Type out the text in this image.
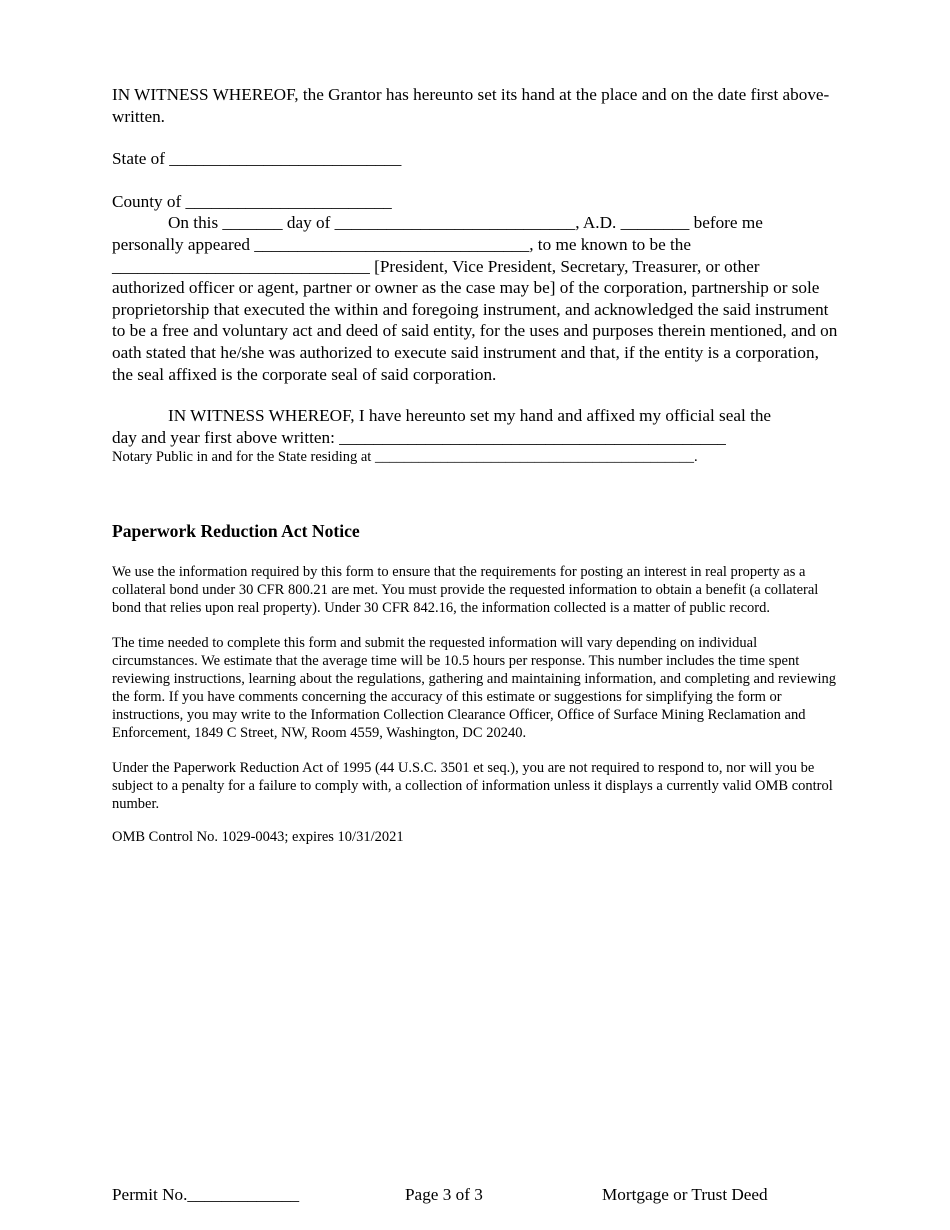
IN WITNESS WHEREOF, the Grantor has hereunto set its hand at the place and on the date first above-written.

State of ___________________________

County of ________________________

On this _______ day of ____________________________, A.D. ________ before me

personally appeared ________________________________, to me known to be the

______________________________ [President, Vice President, Secretary, Treasurer, or other

authorized officer or agent, partner or owner as the case may be] of the corporation, partnership or sole proprietorship that executed the within and foregoing instrument, and acknowledged the said instrument to be a free and voluntary act and deed of said entity, for the uses and purposes therein mentioned, and on oath stated that he/she was authorized to execute said instrument and that, if the entity is a corporation, the seal affixed is the corporate seal of said corporation.

IN WITNESS WHEREOF, I have hereunto set my hand and affixed my official seal the

day and year first above written: _____________________________________________

Notary Public in and for the State residing at ____________________________________________.

Paperwork Reduction Act Notice

We use the information required by this form to ensure that the requirements for posting an interest in real property as a collateral bond under 30 CFR 800.21 are met. You must provide the requested information to obtain a benefit (a collateral bond that relies upon real property). Under 30 CFR 842.16, the information collected is a matter of public record.

The time needed to complete this form and submit the requested information will vary depending on individual circumstances. We estimate that the average time will be 10.5 hours per response. This number includes the time spent reviewing instructions, learning about the regulations, gathering and maintaining information, and completing and reviewing the form. If you have comments concerning the accuracy of this estimate or suggestions for simplifying the form or instructions, you may write to the Information Collection Clearance Officer, Office of Surface Mining Reclamation and Enforcement, 1849 C Street, NW, Room 4559, Washington, DC 20240.

Under the Paperwork Reduction Act of 1995 (44 U.S.C. 3501 et seq.), you are not required to respond to, nor will you be subject to a penalty for a failure to comply with, a collection of information unless it displays a currently valid OMB control number.

OMB Control No. 1029-0043; expires 10/31/2021

Permit No._____________	Page 3 of 3	Mortgage or Trust Deed
